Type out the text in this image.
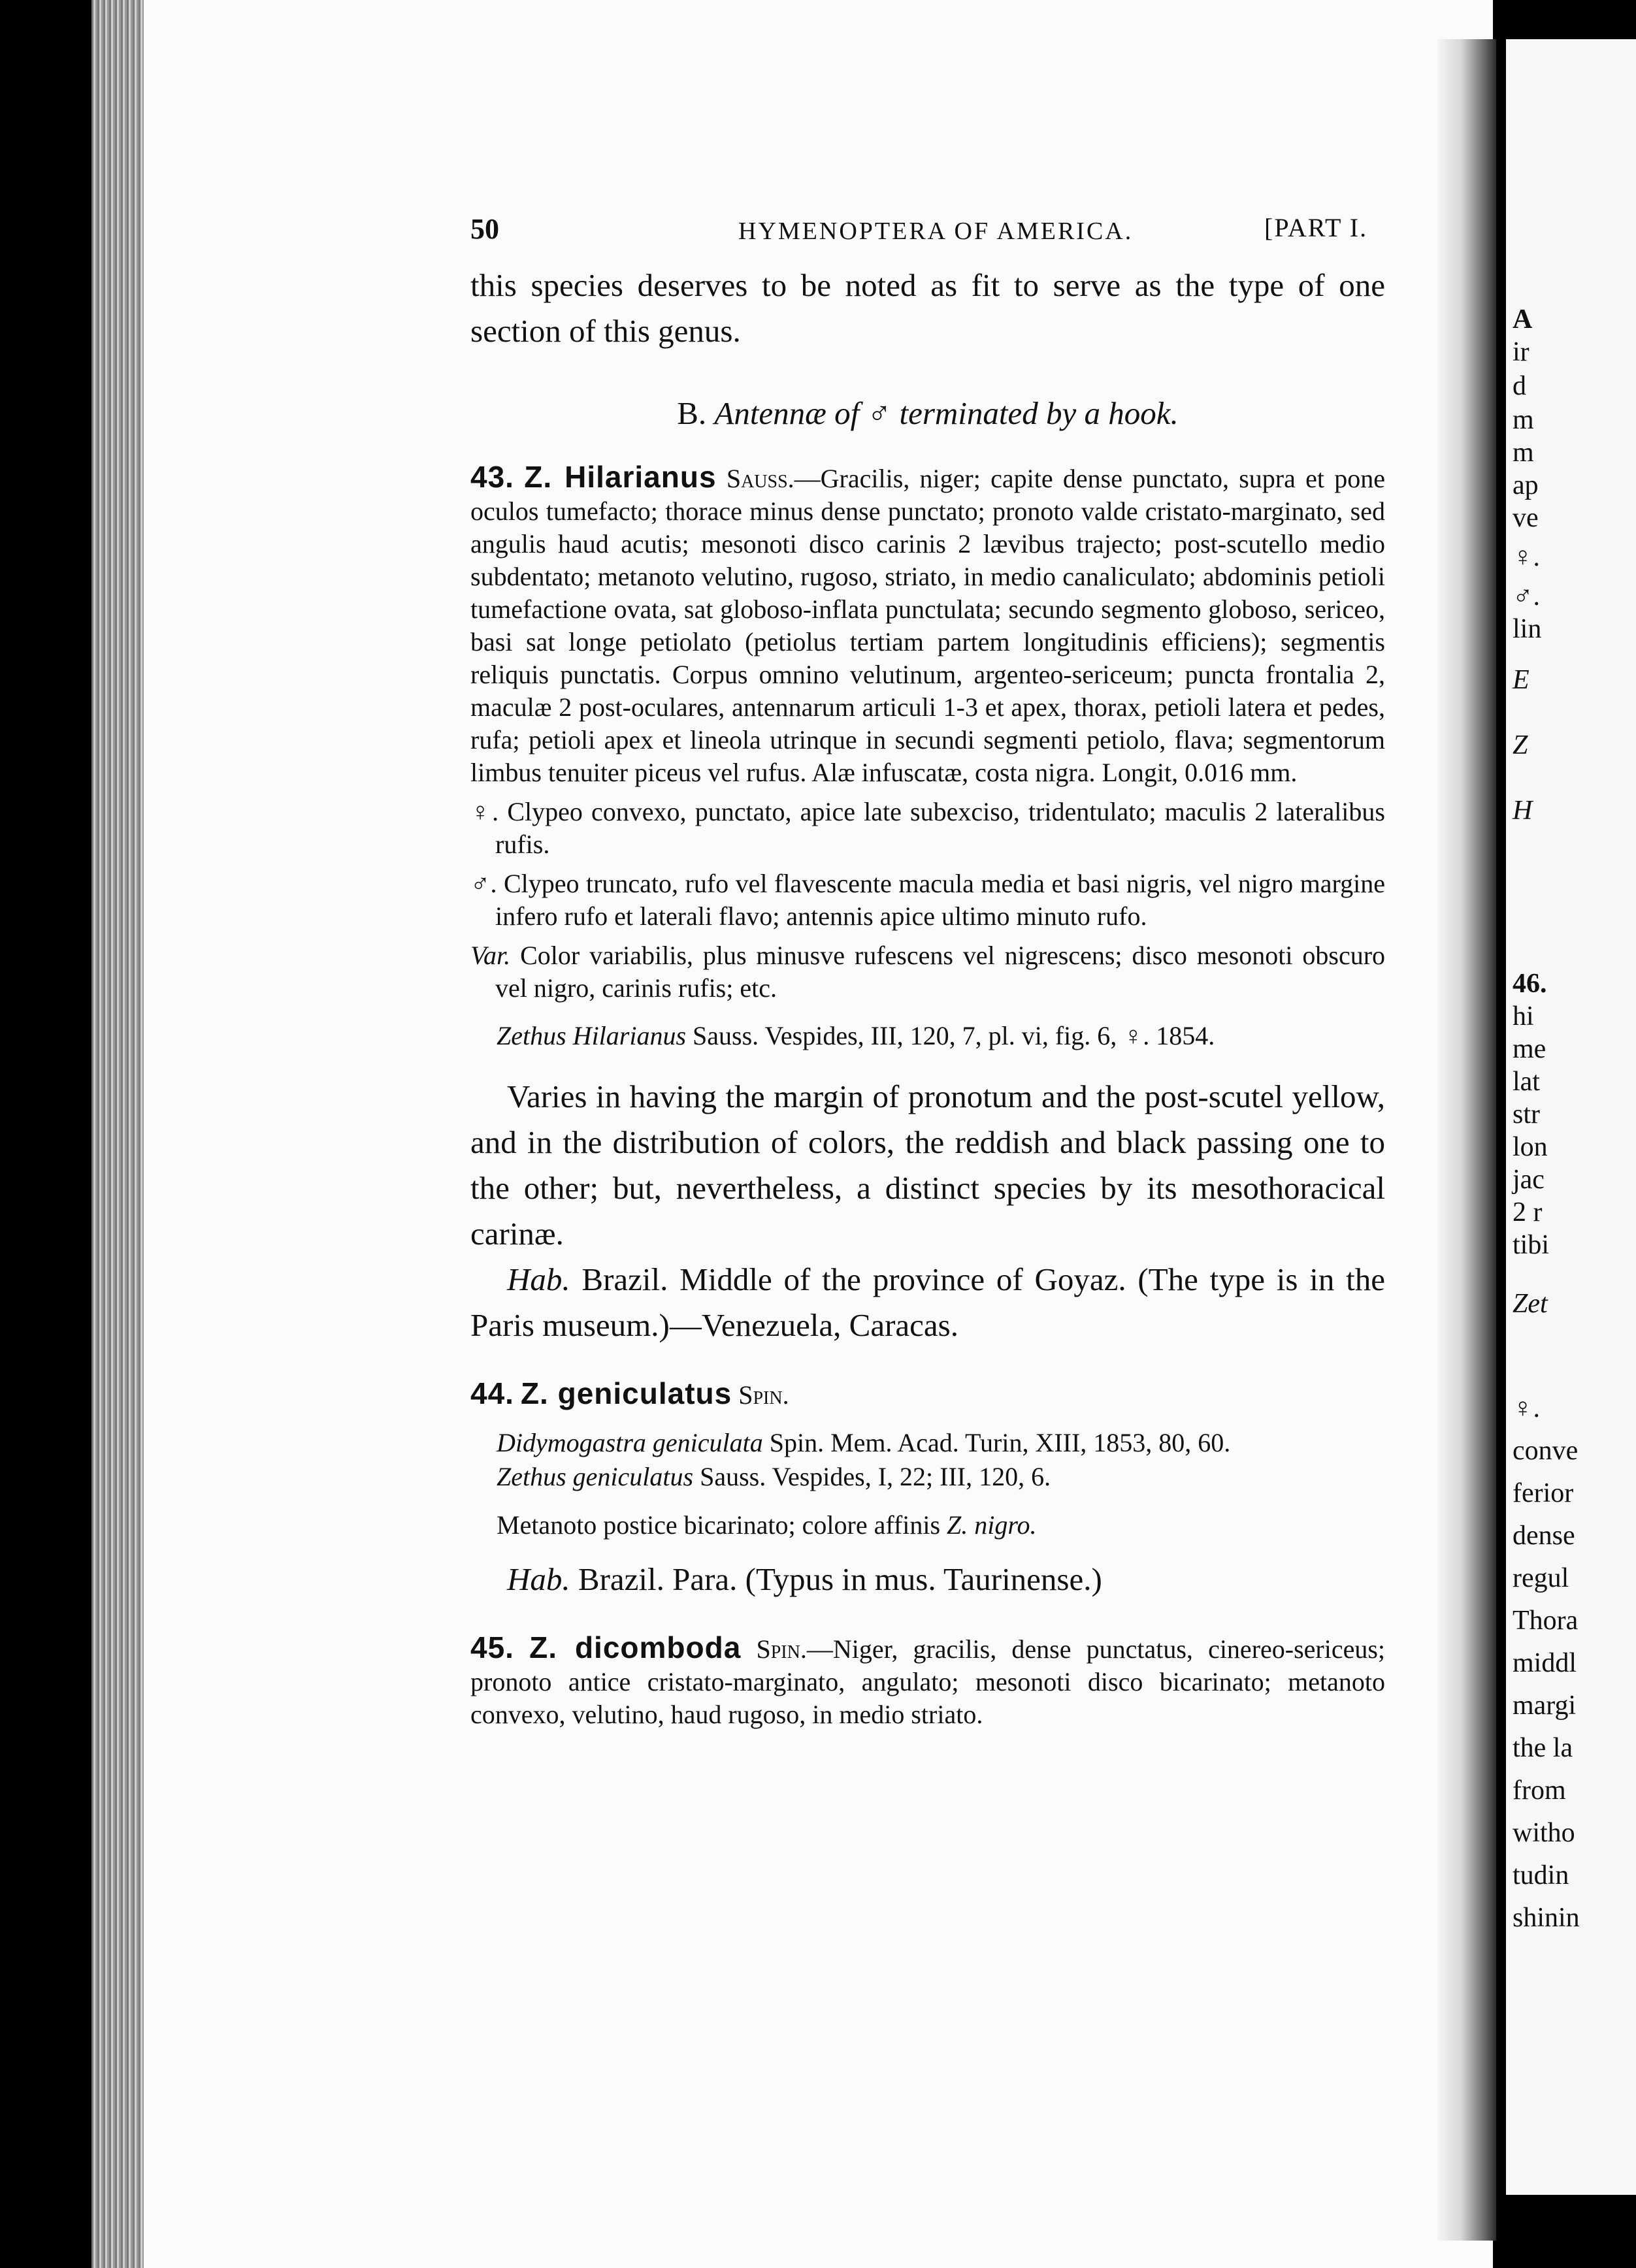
A
ir
d
m
m
ap
ve
♀.
♂.
lin
E
Z
H
46.
hi
me
lat
str
lon
jac
2 r
tibi
Zet
♀.
conve
ferior
dense
regul
Thora
middl
margi
the la
from
witho
tudin
shinin
50	HYMENOPTERA OF AMERICA.	[PART I.

this species deserves to be noted as fit to serve as the type of one section of this genus.

B. Antennæ of ♂ terminated by a hook.

43. Z. Hilarianus Sauss.—Gracilis, niger; capite dense punctato, supra et pone oculos tumefacto; thorace minus dense punctato; pronoto valde cristato-marginato, sed angulis haud acutis; mesonoti disco carinis 2 lævibus trajecto; post-scutello medio subdentato; metanoto velutino, rugoso, striato, in medio canaliculato; abdominis petioli tumefactione ovata, sat globoso-inflata punctulata; secundo segmento globoso, sericeo, basi sat longe petiolato (petiolus tertiam partem longitudinis efficiens); segmentis reliquis punctatis. Corpus omnino velutinum, argenteo-sericeum; puncta frontalia 2, maculæ 2 post-oculares, antennarum articuli 1-3 et apex, thorax, petioli latera et pedes, rufa; petioli apex et lineola utrinque in secundi segmenti petiolo, flava; segmentorum limbus tenuiter piceus vel rufus. Alæ infuscatæ, costa nigra. Longit, 0.016 mm.

♀. Clypeo convexo, punctato, apice late subexciso, tridentulato; maculis 2 lateralibus rufis.

♂. Clypeo truncato, rufo vel flavescente macula media et basi nigris, vel nigro margine infero rufo et laterali flavo; antennis apice ultimo minuto rufo.

Var. Color variabilis, plus minusve rufescens vel nigrescens; disco mesonoti obscuro vel nigro, carinis rufis; etc.

Zethus Hilarianus Sauss. Vespides, III, 120, 7, pl. vi, fig. 6, ♀. 1854.

Varies in having the margin of pronotum and the post-scutel yellow, and in the distribution of colors, the reddish and black passing one to the other; but, nevertheless, a distinct species by its mesothoracical carinæ.

Hab. Brazil. Middle of the province of Goyaz. (The type is in the Paris museum.)—Venezuela, Caracas.

44. Z. geniculatus Spin.

Didymogastra geniculata Spin. Mem. Acad. Turin, XIII, 1853, 80, 60.

Zethus geniculatus Sauss. Vespides, I, 22; III, 120, 6.

Metanoto postice bicarinato; colore affinis Z. nigro.

Hab. Brazil. Para. (Typus in mus. Taurinense.)

45. Z. dicomboda Spin.—Niger, gracilis, dense punctatus, cinereo-sericeus; pronoto antice cristato-marginato, angulato; mesonoti disco bicarinato; metanoto convexo, velutino, haud rugoso, in medio striato.
